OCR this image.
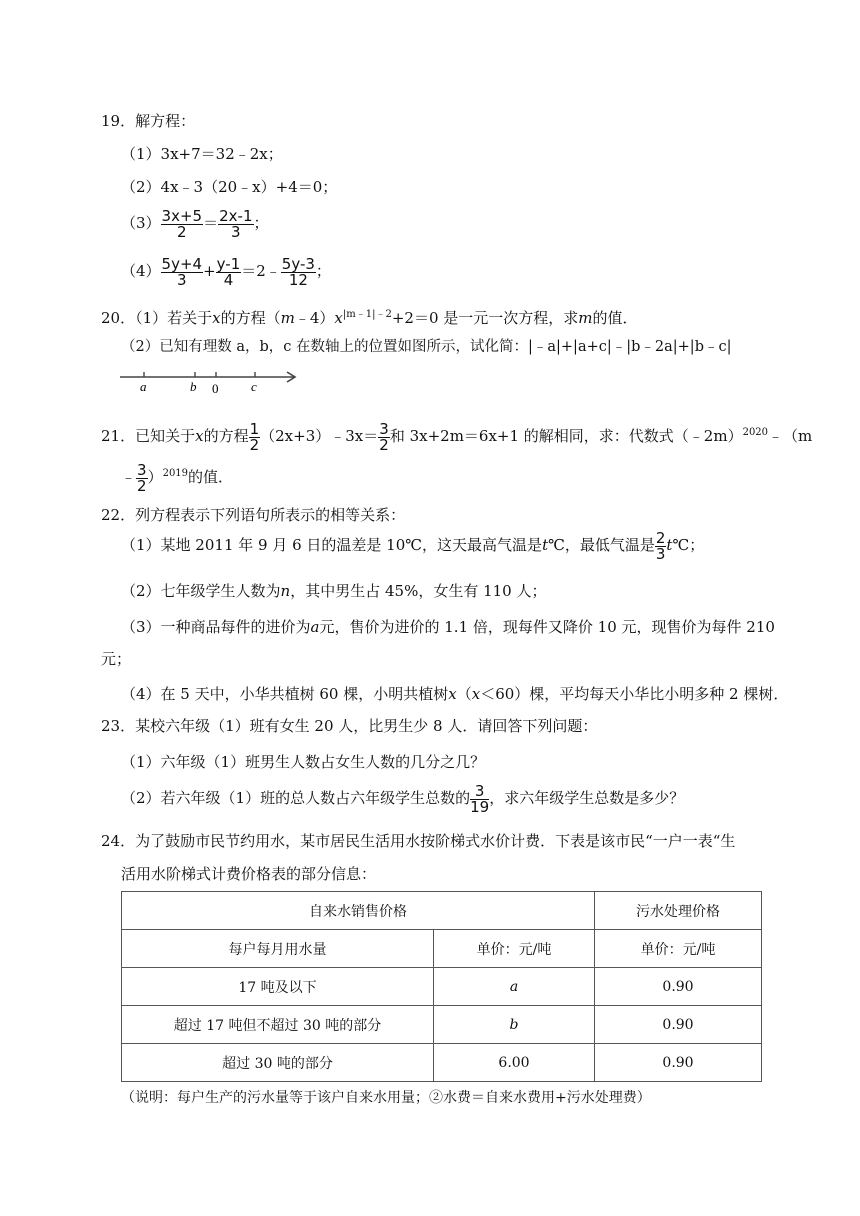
19．解方程：
（1）3x+7＝32﹣2x；
（2）4x﹣3（20﹣x）+4＝0；
$(3) \frac{3x+5}{2} = \frac{2x-1}{3}$ ；
$(4) \frac{5y+4}{3} + \frac{y-1}{4}$ ＝2﹣ $\frac{5y-3}{12}$ ；
20．（1）若关于x的方程$(m﹣4)x^{|m﹣1|﹣2}+2=0$ 是一元一次方程，求m的值．
（2）已知有理数 a，b，c 在数轴上的位置如图所示，试化简：|﹣a|+|a+c|﹣|b﹣2a|+|b﹣c|
a	b 0	c
21．已知关于x的方程 $\frac{1}{2}$ （2x+3）﹣3x＝ $\frac{3}{2}$ 和 3x+2m＝6x+1 的解相同，求：代数式（﹣2m）$^{2020}$﹣（m
﹣ $\frac{3}{2} )^{2019}$的值．
22．列方程表示下列语句所表示的相等关系：
（1）某地 2011 年 9 月 6 日的温差是 10℃，这天最高气温是t℃，最低气温是 $\frac{2}{3}$ t℃；
（2）七年级学生人数为n，其中男生占 45%，女生有 110 人；
（3）一种商品每件的进价为a元，售价为进价的 1.1 倍，现每件又降价 10 元，现售价为每件 210
元；
（4）在 5 天中，小华共植树 60 棵，小明共植树x（x＜60）棵，平均每天小华比小明多种 2 棵树．
23．某校六年级（1）班有女生 20 人，比男生少 8 人．请回答下列问题：
（1）六年级（1）班男生人数占女生人数的几分之几？
（2）若六年级（1）班的总人数占六年级学生总数的 $\frac{3}{19}$ ，求六年级学生总数是多少？
24．为了鼓励市民节约用水，某市居民生活用水按阶梯式水价计费．下表是该市民“一户一表“生
活用水阶梯式计费价格表的部分信息：
自来水销售价格		污水处理价格
每户每月用水量	单价：元/吨	单价：元/吨
17 吨及以下	a	0.90
超过 17 吨但不超过 30 吨的部分	b	0.90
超过 30 吨的部分	6.00	0.90
（说明：每户生产的污水量等于该户自来水用量；②水费＝自来水费用+污水处理费）
